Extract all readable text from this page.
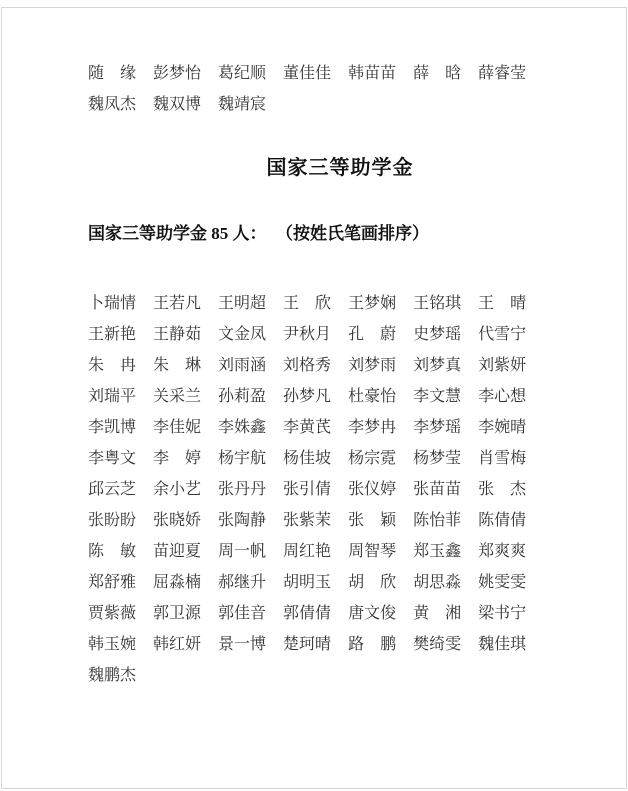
随　缘 彭梦怡 葛纪顺 董佳佳 韩苗苗 薛　晗 薛睿莹
魏凤杰 魏双博 魏靖宸
国家三等助学金
国家三等助学金 85 人： （按姓氏笔画排序）
卜瑞情 王若凡 王明超 王　欣 王梦娴 王铭琪 王　晴
王新艳 王静茹 文金凤 尹秋月 孔　蔚 史梦瑶 代雪宁
朱　冉 朱　琳 刘雨涵 刘格秀 刘梦雨 刘梦真 刘紫妍
刘瑞平 关采兰 孙莉盈 孙梦凡 杜豪怡 李文慧 李心想
李凯博 李佳妮 李姝鑫 李黄芪 李梦冉 李梦瑶 李婉晴
李粤文 李　婷 杨宇航 杨佳坡 杨宗霓 杨梦莹 肖雪梅
邱云芝 余小艺 张丹丹 张引倩 张仪婷 张苗苗 张　杰
张盼盼 张晓娇 张陶静 张紫茉 张　颖 陈怡菲 陈倩倩
陈　敏 苗迎夏 周一帆 周红艳 周智琴 郑玉鑫 郑爽爽
郑舒雅 屈淼楠 郝继升 胡明玉 胡　欣 胡思淼 姚雯雯
贾紫薇 郭卫源 郭佳音 郭倩倩 唐文俊 黄　湘 梁书宁
韩玉婉 韩红妍 景一博 楚珂晴 路　鹏 樊绮雯 魏佳琪
魏鹏杰
